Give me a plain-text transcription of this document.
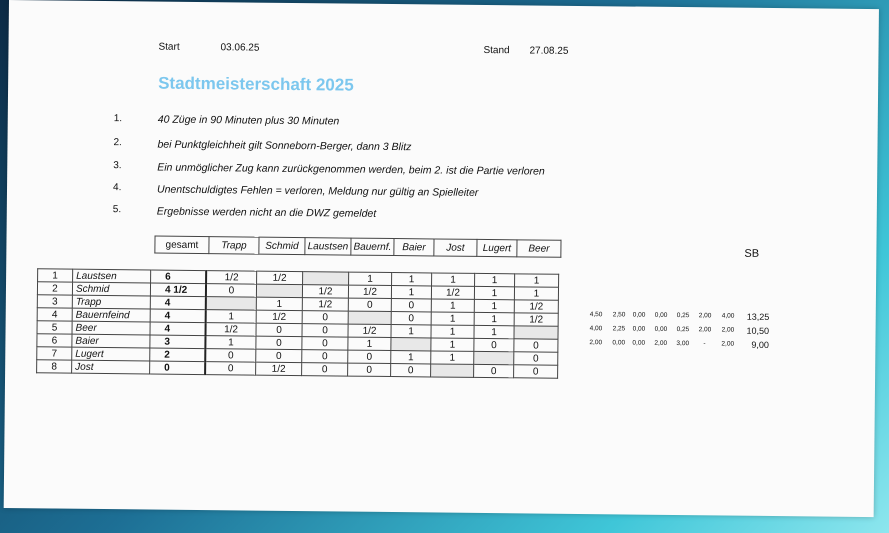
Start	03.06.25	Stand 27.08.25
Stadtmeisterschaft 2025
1.	40 Züge in 90 Minuten plus 30 Minuten
2.	bei Punktgleichheit gilt Sonneborn-Berger, dann 3 Blitz
3.	Ein unmöglicher Zug kann zurückgenommen werden, beim 2. ist die Partie verloren
4.	Unentschuldigtes Fehlen = verloren, Meldung nur gültig an Spielleiter
5.	Ergebnisse werden nicht an die DWZ gemeldet
gesamt	Trapp	Schmid	Laustsen	Bauernf.	Baier	Jost	Lugert	Beer	SB
1	Laustsen	6	1/2	1/2		1	1	1	1	1
2	Schmid	4 1/2	0		1/2	1/2	1	1/2	1	1
3	Trapp	4		1	1/2	0	0	1	1	1/2
4	Bauernfeind	4	1	1/2	0		0	1	1	1/2
5	Beer	4	1/2	0	0	1/2	1	1	1	
6	Baier	3	1	0	0	1		1	0	0
7	Lugert	2	0	0	0	0	1	1		0
8	Jost	0	0	1/2	0	0	0		0	0
4,50 2,50 0,00 0,00 0,25 2,00 4,00 13,25
4,00 2,25 0,00 0,00 0,25 2,00 2,00 10,50
2,00 0,00 0,00 2,00 3,00 - 2,00 9,00
